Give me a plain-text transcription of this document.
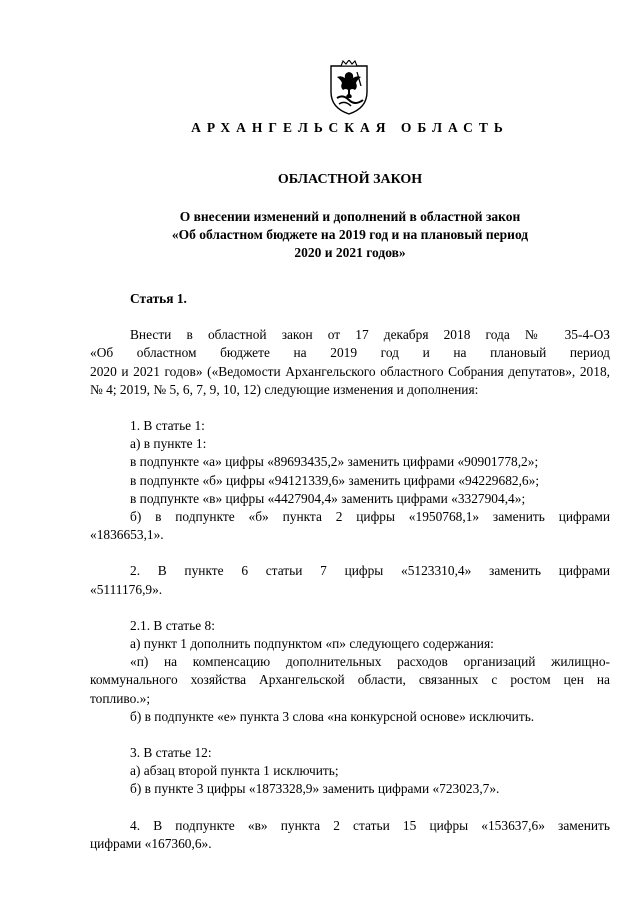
АРХАНГЕЛЬСКАЯ ОБЛАСТЬ
ОБЛАСТНОЙ ЗАКОН
О внесении изменений и дополнений в областной закон
«Об областном бюджете на 2019 год и на плановый период
2020 и 2021 годов»

Статья 1.

Внести в областной закон от 17 декабря 2018 года № 35-4-ОЗ

«Об областном бюджете на 2019 год и на плановый период

2020 и 2021 годов» («Ведомости Архангельского областного Собрания депутатов», 2018, № 4; 2019, № 5, 6, 7, 9, 10, 12) следующие изменения и дополнения:

1. В статье 1:

а) в пункте 1:

в подпункте «а» цифры «89693435,2» заменить цифрами «90901778,2»;

в подпункте «б» цифры «94121339,6» заменить цифрами «94229682,6»;

в подпункте «в» цифры «4427904,4» заменить цифрами «3327904,4»;

б) в подпункте «б» пункта 2 цифры «1950768,1» заменить цифрами

«1836653,1».

2. В пункте 6 статьи 7 цифры «5123310,4» заменить цифрами

«5111176,9».

2.1. В статье 8:

а) пункт 1 дополнить подпунктом «п» следующего содержания:

«п) на компенсацию дополнительных расходов организаций жилищно-

коммунального хозяйства Архангельской области, связанных с ростом цен на

топливо.»;

б) в подпункте «е» пункта 3 слова «на конкурсной основе» исключить.

3. В статье 12:

а) абзац второй пункта 1 исключить;

б) в пункте 3 цифры «1873328,9» заменить цифрами «723023,7».

4. В подпункте «в» пункта 2 статьи 15 цифры «153637,6» заменить

цифрами «167360,6».
